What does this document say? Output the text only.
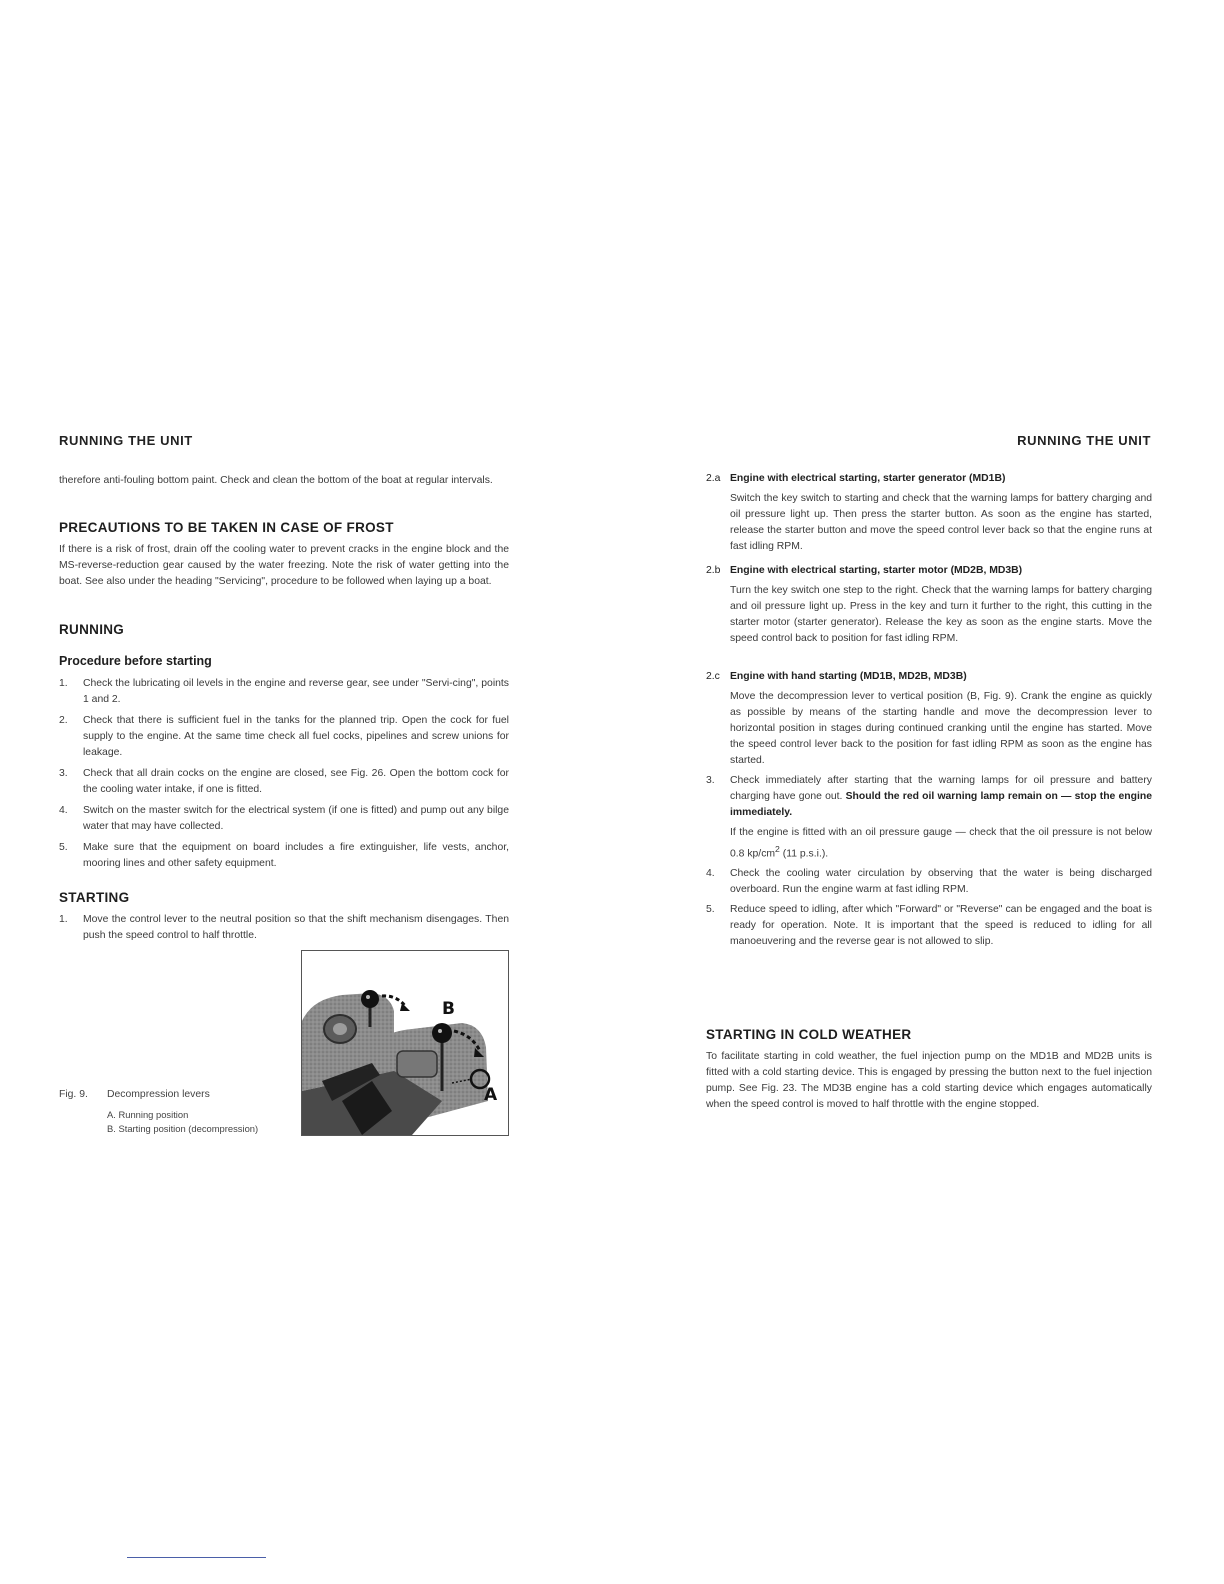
RUNNING THE UNIT	RUNNING THE UNIT
therefore anti-fouling bottom paint. Check and clean the bottom of the boat at regular intervals.
PRECAUTIONS TO BE TAKEN IN CASE OF FROST
If there is a risk of frost, drain off the cooling water to prevent cracks in the engine block and the MS-reverse-reduction gear caused by the water freezing. Note the risk of water getting into the boat. See also under the heading "Servicing", procedure to be followed when laying up a boat.
RUNNING
Procedure before starting
1. Check the lubricating oil levels in the engine and reverse gear, see under "Servi-cing", points 1 and 2.
2. Check that there is sufficient fuel in the tanks for the planned trip. Open the cock for fuel supply to the engine. At the same time check all fuel cocks, pipelines and screw unions for leakage.
3. Check that all drain cocks on the engine are closed, see Fig. 26. Open the bottom cock for the cooling water intake, if one is fitted.
4. Switch on the master switch for the electrical system (if one is fitted) and pump out any bilge water that may have collected.
5. Make sure that the equipment on board includes a fire extinguisher, life vests, anchor, mooring lines and other safety equipment.
STARTING
1. Move the control lever to the neutral position so that the shift mechanism disengages. Then push the speed control to half throttle.
Fig. 9. Decompression levers
A. Running position
B. Starting position (decompression)
B
A
2.a Engine with electrical starting, starter generator (MD1B)
Switch the key switch to starting and check that the warning lamps for battery charging and oil pressure light up. Then press the starter button. As soon as the engine has started, release the starter button and move the speed control lever back so that the engine runs at fast idling RPM.
2.b Engine with electrical starting, starter motor (MD2B, MD3B)
Turn the key switch one step to the right. Check that the warning lamps for battery charging and oil pressure light up. Press in the key and turn it further to the right, this cutting in the starter motor (starter generator). Release the key as soon as the engine starts. Move the speed control back to position for fast idling RPM.
2.c Engine with hand starting (MD1B, MD2B, MD3B)
Move the decompression lever to vertical position (B, Fig. 9). Crank the engine as quickly as possible by means of the starting handle and move the decompression lever to horizontal position in stages during continued cranking until the engine has started. Move the speed control lever back to the position for fast idling RPM as soon as the engine has started.
3. Check immediately after starting that the warning lamps for oil pressure and battery charging have gone out. Should the red oil warning lamp remain on — stop the engine immediately.
If the engine is fitted with an oil pressure gauge — check that the oil pressure is not below 0.8 $kp/cm^2$ (11 p.s.i.).
4. Check the cooling water circulation by observing that the water is being discharged overboard. Run the engine warm at fast idling RPM.
5. Reduce speed to idling, after which "Forward" or "Reverse" can be engaged and the boat is ready for operation. Note. It is important that the speed is reduced to idling for all manoeuvering and the reverse gear is not allowed to slip.
STARTING IN COLD WEATHER
To facilitate starting in cold weather, the fuel injection pump on the MD1B and MD2B units is fitted with a cold starting device. This is engaged by pressing the button next to the fuel injection pump. See Fig. 23. The MD3B engine has a cold starting device which engages automatically when the speed control is moved to half throttle with the engine stopped.
